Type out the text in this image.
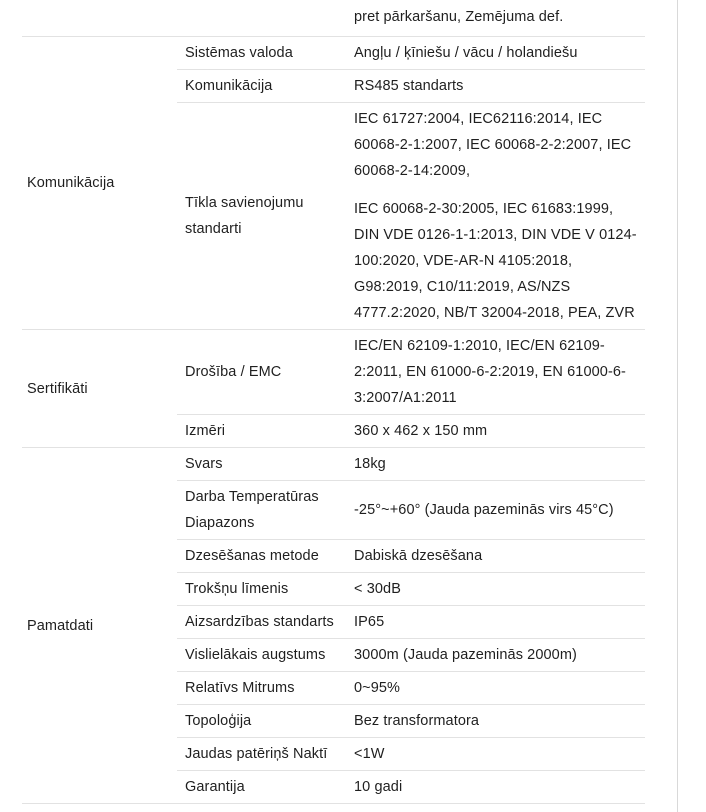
		pret pārkaršanu, Zemējuma def.
Komunikācija	Sistēmas valoda	Angļu / ķīniešu / vācu / holandiešu
	Komunikācija	RS485 standarts
	Tīkla savienojumu standarti	IEC 61727:2004, IEC62116:2014, IEC 60068-2-1:2007, IEC 60068-2-2:2007, IEC 60068-2-14:2009,
IEC 60068-2-30:2005, IEC 61683:1999, DIN VDE 0126-1-1:2013, DIN VDE V 0124-100:2020, VDE-AR-N 4105:2018, G98:2019, C10/11:2019, AS/NZS 4777.2:2020, NB/T 32004-2018, PEA, ZVR

Sertifikāti	Drošība / EMC	IEC/EN 62109-1:2010, IEC/EN 62109-2:2011, EN 61000-6-2:2019, EN 61000-6-3:2007/A1:2011
	Izmēri	360 x 462 x 150 mm
Pamatdati	Svars	18kg
	Darba Temperatūras Diapazons	-25°~+60° (Jauda pazeminās virs 45°C)
	Dzesēšanas metode	Dabiskā dzesēšana
	Trokšņu līmenis	< 30dB
	Aizsardzības standarts	IP65
	Vislielākais augstums	3000m (Jauda pazeminās 2000m)
	Relatīvs Mitrums	0~95%
	Topoloģija	Bez transformatora
	Jaudas patēriņš Naktī	<1W
	Garantija	10 gadi
